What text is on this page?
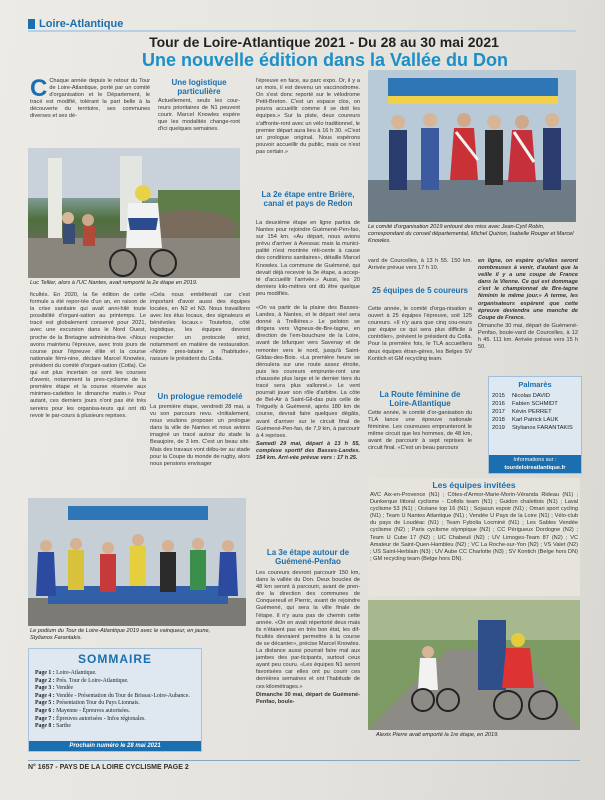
Loire-Atlantique
Tour de Loire-Atlantique 2021 - Du 28 au 30 mai 2021
Une nouvelle édition dans la Vallée du Don
C Chaque année depuis le retour du Tour de Loire-Atlantique, porté par un comité d'organisation et le Département, le tracé est modifié, tolérant la part belle à la découverte du territoire, ses communes diverses et ses dé-
Une logistique particulière

Actuellement, seuls les cour-reurs prioritaires de N1 peuvent courir. Marcel Knowles espère que les modalités change-ront d'ici quelques semaines.

Luc Tellier, alors à l'UC Nantes, avait remporté la 2e étape en 2019.

ficultés. En 2020, la 6e édition de cette formule a été repor-tée d'un an, en raison de la crise sanitaire qui avait anni-hilé toute possibilité d'organi-sation au printemps. Le tracé est globalement conservé pour 2021, avec une excursion dans le Nord Ouest, proche de la Bretagne administra-tive. «Nous avons maintenu l'épreuve, avec trois jours de course pour l'épreuve élite et la course nationale fémi-nine, déclare Marcel Knowles, président du comité d'organi-sation (Cotla). Ce qui est plus incertain ce sont les courses d'avenir, notamment la pres-cyclisme de la première étape et la course réservée aux minimes-cadettes le dimanche matin.» Pour autant, ces derniers jours n'ont pas été très sereins pour les organisa-teurs qui ont dû revoir le par-cours à plusieurs reprises.

«Cela nous embêterait car c'est important d'avoir aussi des équipes locales, en N2 et N3. Nous travaillons avec les élus locaux, des signaleurs et bénévoles locaux.» Toutefois, côté logistique, les équipes devront respecter un protocole strict, notamment en matière de restauration. «Notre pres-tataire a l'habitude», rassure le président du Cotla.

Un prologue remodelé

La première étape, vendredi 28 mai, a vu son parcours revu. «Initialement, nous voulions proposer un prologue dans la ville de Nantes et nous avions imaginé un tracé autour du stade la Beaujoire, de 3 km. C'est un beau site. Mais des travaux vont débu-ter au stade pour la Coupe du monde de rugby, alors nous pensions envisager

l'épreuve en face, au parc expo. Or, il y a un mois, il est devenu un vaccinodrome. On s'est donc reporté sur le vélodrome Petit-Breton. C'est un espace clos, on pourra accueillir comme il se doit les équipes.» Sur la piste, deux coureurs s'affronte-ront avec un vélo traditionnel, le premier départ aura lieu à 16 h 30. «C'est un prologue original. Nous espérons pouvoir accueillir du public, mais ce n'est pas certain.»

La 2e étape entre Brière, canal et pays de Redon

La deuxième étape en ligne partira de Nantes pour rejoindre Guémené-Pen-fao, sur 154 km. «Au départ, nous avions prévu d'arriver à Avessac mais la munici-palité n'est montrée réti-cente à cause des conditions sanitaires», détaille Marcel Knowles. La commune de Guémené, qui devait déjà recevoir la 3e étape, a accep-té d'accueillir l'arrivée.» Aussi, les 20 derniers kilo-mètres ont dû être quelque peu modifiés.

«On va partir de la plaine des Basses-Landes, à Nantes, et le départ réel sera donné à Trellières.» Le peloton se dirigera vers Vigneux-de-Bre-tagne, en direction de l'em-bouchure de la Loire, avant de bifurquer vers Savenay et de remonter vers le nord, jusqu'à Saint-Gildas-des-Bois. «La première heure se déroulera sur une route assez étroite, puis les coureurs emprunte-ront une chaussée plus large et le dernier tiers du tracé sera plus vallonné.» Le vent pourrait jouer son rôle d'arbitre. La côte de Bel-Air à Saint-Gil-das puis celle de Tréguély à Guémené, après 180 km de course, devrait faire quelques dégâts, avant d'arriver sur le circuit final de Guémené-Pen-fao, de 7,9 km, à parcourir à 4 reprises.

Samedi 29 mai, départ à 13 h 55, complexe sportif des Basses-Landes. 154 km. Arri-vée prévue vers : 17 h 25.

Le comité d'organisation 2019 entouré des miss avec Jean-Cyril Robin, correspondant du conseil départemental, Michel Quirion, Isabelle Rouger et Marcel Knowles.

vard de Courcelles, à 13 h 55. 150 km. Arrivée prévue vers 17 h 10.

25 équipes de 5 coureurs

Cette année, le comité d'orga-nisation a ouvert à 25 équipes l'épreuve, soit 125 coureurs. «Il n'y aura que cinq cou-reurs par équipe ce qui sera plus difficile à contrôler», prévient le président du Cotla. Pour la première fois, le TLA accueillera deux équipes étran-gères, les Belges SV Kontich et GM recycling team.

La Route féminine de Loire-Atlantique

Cette année, le comité d'or-ganisation du TLA lance une épreuve nationale féminine. Les coureuses emprunteront le même circuit que les hommes, de 48 km, avant de parcourir à sept reprises le circuit final. «C'est un beau parcours

en ligne, on espère qu'elles seront nombreuses à venir, d'autant que la veille il y a une coupe de France dans la Vienne. Ce qui est dommage c'est le championnat de Bre-tagne féminin le même jour.» A terme, les organisateurs espèrent que cette épreuve deviendra une manche de Coupe de France.

Dimanche 30 mai, départ de Guémené-Penfao, boule-vard de Courcelles, à 12 h 45. 111 km. Arrivée prévue vers 15 h 50.

Palmarès
2015 Nicolas DAVID
2016 Fabien SCHMIDT
2017 Kévin PERRET
2018 Karl Patrick LAUK
2019 Stylianos FARANTAKIS
Informations sur :
tourdeloireatlantique.fr
Les équipes invitées
AVC Aix-en-Provence (N1) ; Côtes-d'Armor-Marie-Morin-Véranda Rideau (N1) ; Dunkerque littoral cyclisme - Cofidis team (N1) ; Guidon chalettois (N1) ; Laval cyclisme 53 (N1) ; Océane top 16 (N1) ; Sojasun espoir (N1) ; Omari sport cycling (N1) ; Team U Nantes Atlantique (N1) ; Vendée U Pays de la Loire (N1) ; Vélo-club du pays de Loudéac (N1) ; Team Fybolia Locminé (N1) ; Les Sables Vendée cyclisme (N2) ; Paris cyclisme olympique (N2) ; CC Périgueux Dordogne (N2) ; Team U Cube 17 (N2) ; UC Chabeuil (N2) ; UV Limoges-Team 87 (N2) ; VC Amateur de Saint-Quen-Hambleu (N2) ; VC La Roche-sur-Yon (N2) ; VS Valet (N2) ; US Saint-Herblain (N3) ; UV Aube CC Charlotte (N3) ; SV Kontich (Belge hors DN) ; GM recycling team (Belge hors DN).
Le podium du Tour de Loire-Atlantique 2019 avec le vainqueur, en jaune, Stylianos Farantakis.
La 3e étape autour de Guémené-Penfao

Les coureurs devront parcourir 150 km, dans la vallée du Don. Deux boucles de 48 km seront à parcourir, avant de pren-dre la direction des communes de Conquereuil et Pierric, avant de rejoindre Guémené, qui sera la ville finale de l'étape. Il n'y aura pas de chemin cette année. «On en avait répertorié deux mais ils n'étaient pas en très bon état, les dif-ficultés devraient permettre à la course de se décanter», précise Marcel Knowles. La distance aussi pourrait faire mal aux jambes des par-ticipants, surtout ceux ayant peu couru. «Les équipes N1 seront favorisées car elles ont pu courir ces dernières semaines et ont l'habitude de ces kilométrages.»

Dimanche 30 mai, départ de Guémené-Penfao, boule-

SOMMAIRE
Page 1 : Loire-Atlantique.
Page 2 : Prés. Tour de Loire-Atlantique.
Page 3 : Vendée
Page 4 : Vendée - Présentation du Tour de Brissac-Loire-Aubance.
Page 5 : Présentation Tour du Pays Lionnais.
Page 6 : Mayenne - Épreuves autorisées.
Page 7 : Épreuves autorisées - Infos régionales.
Page 8 : Sarthe
Prochain numéro le 28 mai 2021
Alexis Pierre avait emporté la 1re étape, en 2019.
N° 1657 - PAYS DE LA LOIRE CYCLISME PAGE 2
